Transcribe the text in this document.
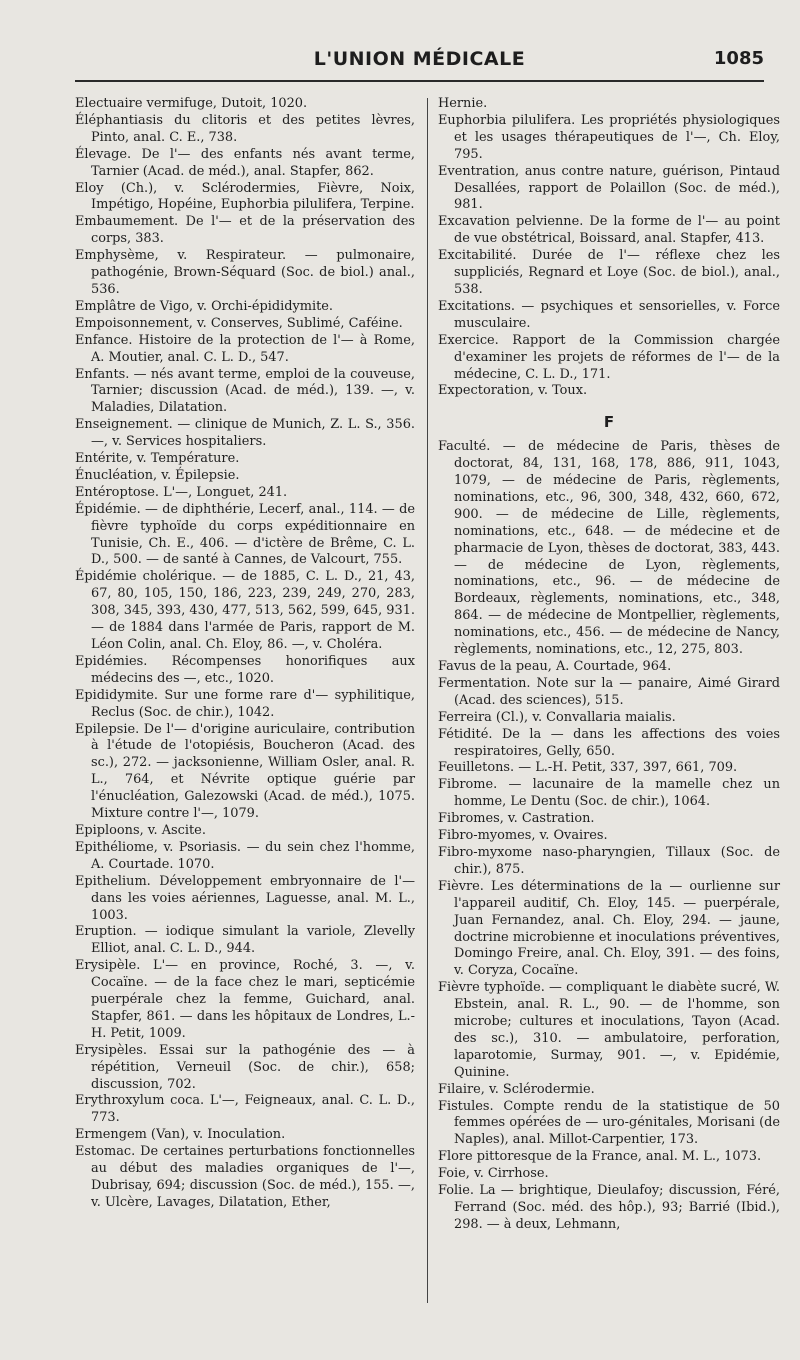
L'UNION MÉDICALE	1085

Electuaire vermifuge, Dutoit, 1020.

Éléphantiasis du clitoris et des petites lèvres, Pinto, anal. C. E., 738.

Élevage. De l'— des enfants nés avant terme, Tarnier (Acad. de méd.), anal. Stapfer, 862.

Eloy (Ch.), v. Sclérodermies, Fièvre, Noix, Impétigo, Hopéine, Euphorbia pilulifera, Terpine.

Embaumement. De l'— et de la préservation des corps, 383.

Emphysème, v. Respirateur. — pulmonaire, pathogénie, Brown-Séquard (Soc. de biol.) anal., 536.

Emplâtre de Vigo, v. Orchi-épididymite.

Empoisonnement, v. Conserves, Sublimé, Caféine.

Enfance. Histoire de la protection de l'— à Rome, A. Moutier, anal. C. L. D., 547.

Enfants. — nés avant terme, emploi de la couveuse, Tarnier; discussion (Acad. de méd.), 139. —, v. Maladies, Dilatation.

Enseignement. — clinique de Munich, Z. L. S., 356. —, v. Services hospitaliers.

Entérite, v. Température.

Énucléation, v. Épilepsie.

Entéroptose. L'—, Longuet, 241.

Épidémie. — de diphthérie, Lecerf, anal., 114. — de fièvre typhoïde du corps expéditionnaire en Tunisie, Ch. E., 406. — d'ictère de Brême, C. L. D., 500. — de santé à Cannes, de Valcourt, 755.

Épidémie cholérique. — de 1885, C. L. D., 21, 43, 67, 80, 105, 150, 186, 223, 239, 249, 270, 283, 308, 345, 393, 430, 477, 513, 562, 599, 645, 931. — de 1884 dans l'armée de Paris, rapport de M. Léon Colin, anal. Ch. Eloy, 86. —, v. Choléra.

Epidémies. Récompenses honorifiques aux médecins des —, etc., 1020.

Epididymite. Sur une forme rare d'— syphilitique, Reclus (Soc. de chir.), 1042.

Epilepsie. De l'— d'origine auriculaire, contribution à l'étude de l'otopiésis, Boucheron (Acad. des sc.), 272. — jacksonienne, William Osler, anal. R. L., 764, et Névrite optique guérie par l'énucléation, Galezowski (Acad. de méd.), 1075. Mixture contre l'—, 1079.

Epiploons, v. Ascite.

Epithéliome, v. Psoriasis. — du sein chez l'homme, A. Courtade. 1070.

Epithelium. Développement embryonnaire de l'— dans les voies aériennes, Laguesse, anal. M. L., 1003.

Eruption. — iodique simulant la variole, Zlevelly Elliot, anal. C. L. D., 944.

Erysipèle. L'— en province, Roché, 3. —, v. Cocaïne. — de la face chez le mari, septicémie puerpérale chez la femme, Guichard, anal. Stapfer, 861. — dans les hôpitaux de Londres, L.-H. Petit, 1009.

Erysipèles. Essai sur la pathogénie des — à répétition, Verneuil (Soc. de chir.), 658; discussion, 702.

Erythroxylum coca. L'—, Feigneaux, anal. C. L. D., 773.

Ermengem (Van), v. Inoculation.

Estomac. De certaines perturbations fonctionnelles au début des maladies organiques de l'—, Dubrisay, 694; discussion (Soc. de méd.), 155. —, v. Ulcère, Lavages, Dilatation, Ether,

Hernie.

Euphorbia pilulifera. Les propriétés physiologiques et les usages thérapeutiques de l'—, Ch. Eloy, 795.

Eventration, anus contre nature, guérison, Pintaud Desallées, rapport de Polaillon (Soc. de méd.), 981.

Excavation pelvienne. De la forme de l'— au point de vue obstétrical, Boissard, anal. Stapfer, 413.

Excitabilité. Durée de l'— réflexe chez les suppliciés, Regnard et Loye (Soc. de biol.), anal., 538.

Excitations. — psychiques et sensorielles, v. Force musculaire.

Exercice. Rapport de la Commission chargée d'examiner les projets de réformes de l'— de la médecine, C. L. D., 171.

Expectoration, v. Toux.

F

Faculté. — de médecine de Paris, thèses de doctorat, 84, 131, 168, 178, 886, 911, 1043, 1079, — de médecine de Paris, règlements, nominations, etc., 96, 300, 348, 432, 660, 672, 900. — de médecine de Lille, règlements, nominations, etc., 648. — de médecine et de pharmacie de Lyon, thèses de doctorat, 383, 443. — de médecine de Lyon, règlements, nominations, etc., 96. — de médecine de Bordeaux, règlements, nominations, etc., 348, 864. — de médecine de Montpellier, règlements, nominations, etc., 456. — de médecine de Nancy, règlements, nominations, etc., 12, 275, 803.

Favus de la peau, A. Courtade, 964.

Fermentation. Note sur la — panaire, Aimé Girard (Acad. des sciences), 515.

Ferreira (Cl.), v. Convallaria maialis.

Fétidité. De la — dans les affections des voies respiratoires, Gelly, 650.

Feuilletons. — L.-H. Petit, 337, 397, 661, 709.

Fibrome. — lacunaire de la mamelle chez un homme, Le Dentu (Soc. de chir.), 1064.

Fibromes, v. Castration.

Fibro-myomes, v. Ovaires.

Fibro-myxome naso-pharyngien, Tillaux (Soc. de chir.), 875.

Fièvre. Les déterminations de la — ourlienne sur l'appareil auditif, Ch. Eloy, 145. — puerpérale, Juan Fernandez, anal. Ch. Eloy, 294. — jaune, doctrine microbienne et inoculations préventives, Domingo Freire, anal. Ch. Eloy, 391. — des foins, v. Coryza, Cocaïne.

Fièvre typhoïde. — compliquant le diabète sucré, W. Ebstein, anal. R. L., 90. — de l'homme, son microbe; cultures et inoculations, Tayon (Acad. des sc.), 310. — ambulatoire, perforation, laparotomie, Surmay, 901. —, v. Epidémie, Quinine.

Filaire, v. Sclérodermie.

Fistules. Compte rendu de la statistique de 50 femmes opérées de — uro-génitales, Morisani (de Naples), anal. Millot-Carpentier, 173.

Flore pittoresque de la France, anal. M. L., 1073.

Foie, v. Cirrhose.

Folie. La — brightique, Dieulafoy; discussion, Féré, Ferrand (Soc. méd. des hôp.), 93; Barrié (Ibid.), 298. — à deux, Lehmann,
